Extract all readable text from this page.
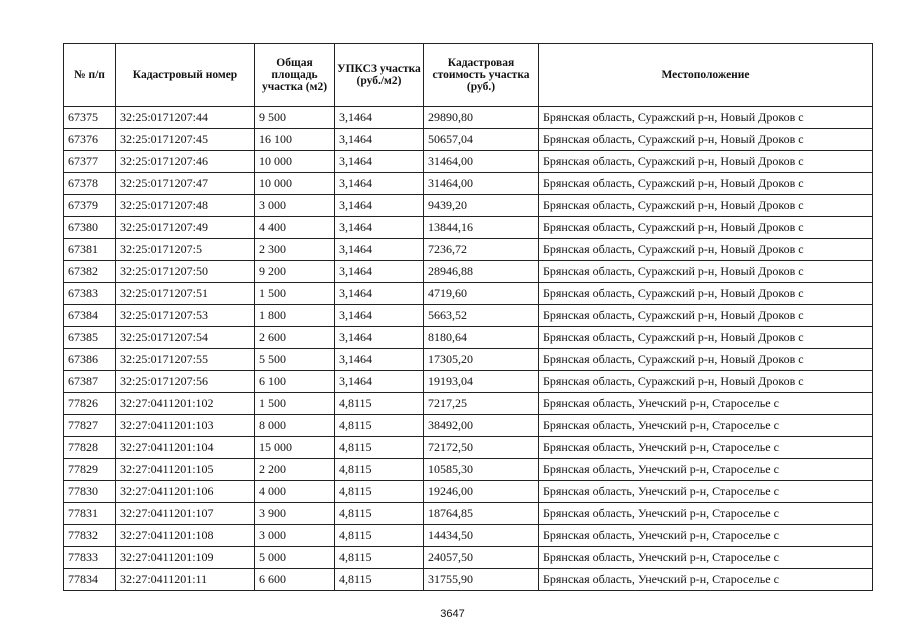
№ п/п	Кадастровый номер	Общая площадь участка (м2)	УПКСЗ участка (руб./м2)	Кадастровая стоимость участка (руб.)	Местоположение
67375	32:25:0171207:44	9 500	3,1464	29890,80	Брянская область, Суражский р-н, Новый Дроков с
67376	32:25:0171207:45	16 100	3,1464	50657,04	Брянская область, Суражский р-н, Новый Дроков с
67377	32:25:0171207:46	10 000	3,1464	31464,00	Брянская область, Суражский р-н, Новый Дроков с
67378	32:25:0171207:47	10 000	3,1464	31464,00	Брянская область, Суражский р-н, Новый Дроков с
67379	32:25:0171207:48	3 000	3,1464	9439,20	Брянская область, Суражский р-н, Новый Дроков с
67380	32:25:0171207:49	4 400	3,1464	13844,16	Брянская область, Суражский р-н, Новый Дроков с
67381	32:25:0171207:5	2 300	3,1464	7236,72	Брянская область, Суражский р-н, Новый Дроков с
67382	32:25:0171207:50	9 200	3,1464	28946,88	Брянская область, Суражский р-н, Новый Дроков с
67383	32:25:0171207:51	1 500	3,1464	4719,60	Брянская область, Суражский р-н, Новый Дроков с
67384	32:25:0171207:53	1 800	3,1464	5663,52	Брянская область, Суражский р-н, Новый Дроков с
67385	32:25:0171207:54	2 600	3,1464	8180,64	Брянская область, Суражский р-н, Новый Дроков с
67386	32:25:0171207:55	5 500	3,1464	17305,20	Брянская область, Суражский р-н, Новый Дроков с
67387	32:25:0171207:56	6 100	3,1464	19193,04	Брянская область, Суражский р-н, Новый Дроков с
77826	32:27:0411201:102	1 500	4,8115	7217,25	Брянская область, Унечский р-н, Староселье с
77827	32:27:0411201:103	8 000	4,8115	38492,00	Брянская область, Унечский р-н, Староселье с
77828	32:27:0411201:104	15 000	4,8115	72172,50	Брянская область, Унечский р-н, Староселье с
77829	32:27:0411201:105	2 200	4,8115	10585,30	Брянская область, Унечский р-н, Староселье с
77830	32:27:0411201:106	4 000	4,8115	19246,00	Брянская область, Унечский р-н, Староселье с
77831	32:27:0411201:107	3 900	4,8115	18764,85	Брянская область, Унечский р-н, Староселье с
77832	32:27:0411201:108	3 000	4,8115	14434,50	Брянская область, Унечский р-н, Староселье с
77833	32:27:0411201:109	5 000	4,8115	24057,50	Брянская область, Унечский р-н, Староселье с
77834	32:27:0411201:11	6 600	4,8115	31755,90	Брянская область, Унечский р-н, Староселье с
3647
